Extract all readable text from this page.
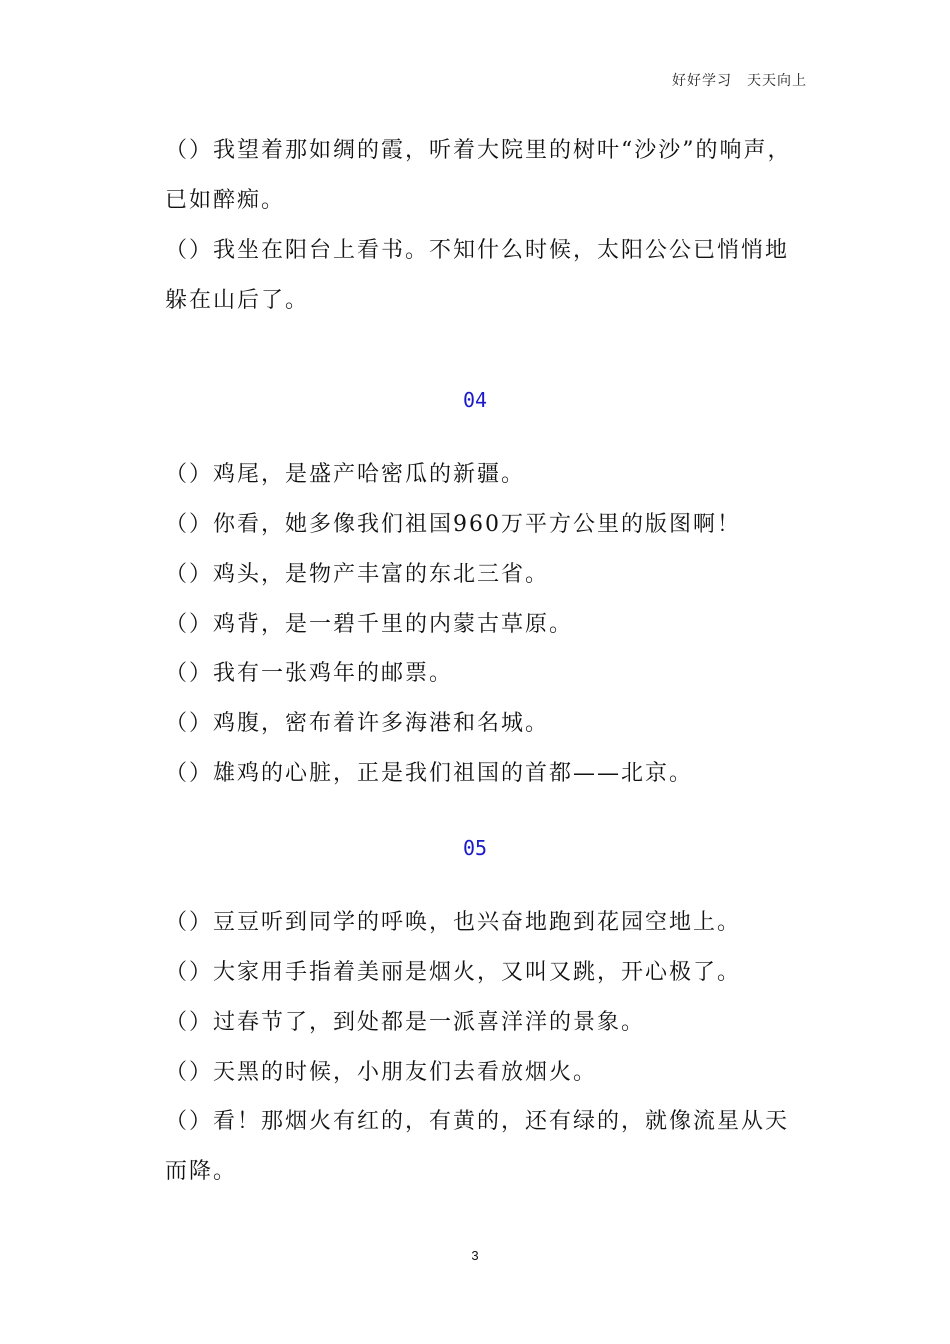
好好学习　天天向上
（）我望着那如绸的霞，听着大院里的树叶“沙沙”的响声，
已如醉痴。
（）我坐在阳台上看书。不知什么时候，太阳公公已悄悄地
躲在山后了。
04
（）鸡尾，是盛产哈密瓜的新疆。
（）你看，她多像我们祖国960万平方公里的版图啊！
（）鸡头，是物产丰富的东北三省。
（）鸡背，是一碧千里的内蒙古草原。
（）我有一张鸡年的邮票。
（）鸡腹，密布着许多海港和名城。
（）雄鸡的心脏，正是我们祖国的首都——北京。
05
（）豆豆听到同学的呼唤，也兴奋地跑到花园空地上。
（）大家用手指着美丽是烟火，又叫又跳，开心极了。
（）过春节了，到处都是一派喜洋洋的景象。
（）天黑的时候，小朋友们去看放烟火。
（）看！那烟火有红的，有黄的，还有绿的，就像流星从天
而降。
3
